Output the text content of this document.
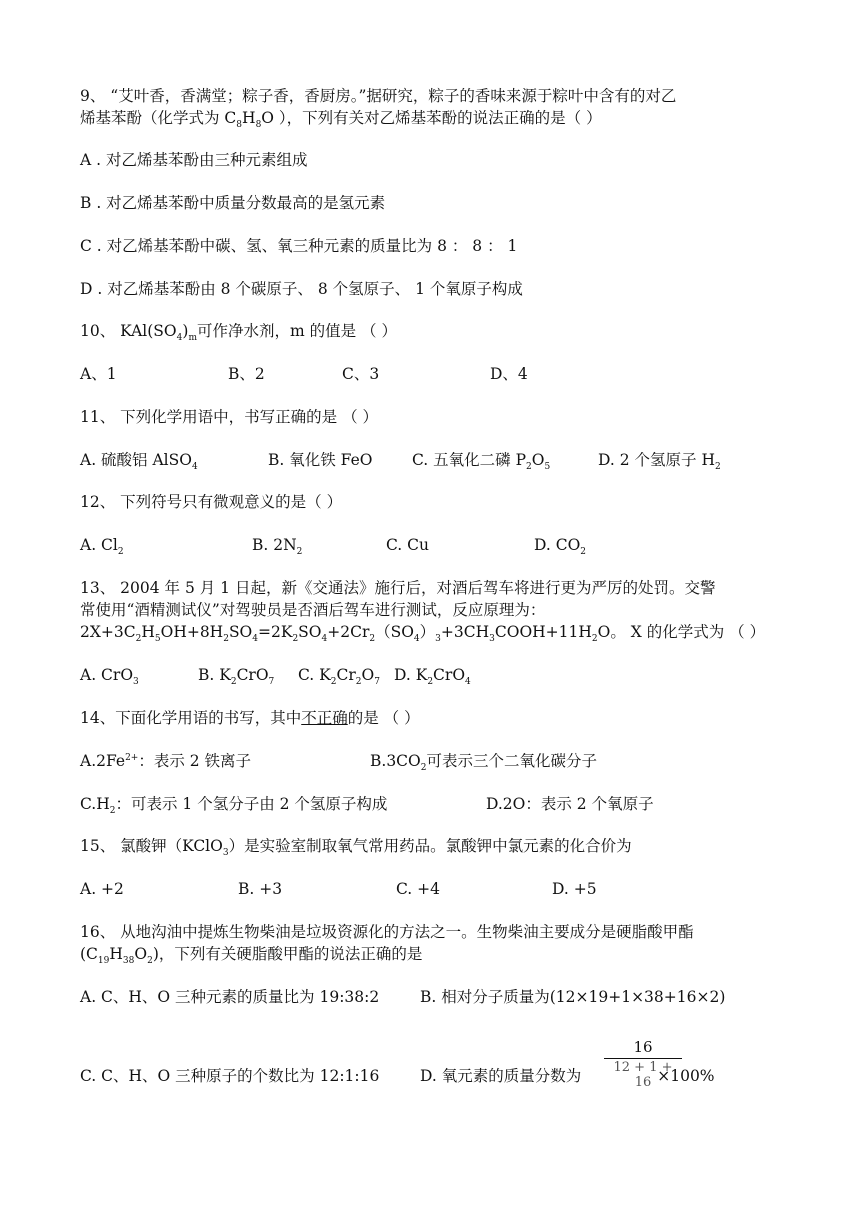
9、 “艾叶香，香满堂；粽子香，香厨房。”据研究，粽子的香味来源于粽叶中含有的对乙
烯基苯酚（化学式为 $C_8H_8O$ ），下列有关对乙烯基苯酚的说法正确的是（ ）
A . 对乙烯基苯酚由三种元素组成
B . 对乙烯基苯酚中质量分数最高的是氢元素
C . 对乙烯基苯酚中碳、氢、氧三种元素的质量比为 8 ： 8 ： 1
D . 对乙烯基苯酚由 8 个碳原子、 8 个氢原子、 1 个氧原子构成
10、 $KAl(SO_4)_m$可作净水剂，m 的值是 （ ）
A、1	B、2	C、3	D、4
11、 下列化学用语中，书写正确的是 （ ）
A. 硫酸铝 AlSO$_4$	B. 氧化铁 FeO	C. 五氧化二磷 $P_2O_5$	D. 2 个氢原子 $H_2$
12、 下列符号只有微观意义的是（ ）
A. $Cl_2$	B. $2N_2$	C. Cu	D. $CO_2$
13、 2004 年 5 月 1 日起，新《交通法》施行后，对酒后驾车将进行更为严厉的处罚。交警
常使用“酒精测试仪”对驾驶员是否酒后驾车进行测试，反应原理为：
$2X+3C_2H_5OH+8H_2SO_4=2K_2SO_4+2Cr_2(SO_4)_3+3CH_3COOH+11H_2O$。 X 的化学式为 （ ）
A. CrO$_3$	B. $K_2CrO_7$ C. $K_2Cr_2O_7$ D. $K_2CrO_4$
14、下面化学用语的书写，其中不正确的是 （ ）
$A.2Fe^{2+}$：表示 2 铁离子	$B.3CO_2$可表示三个二氧化碳分子
$C.H_2$：可表示 1 个氢分子由 2 个氢原子构成	D.2O：表示 2 个氧原子
15、 氯酸钾（KClO$_3$）是实验室制取氧气常用药品。氯酸钾中氯元素的化合价为
A. +2	B. +3	C. +4	D. +5
16、 从地沟油中提炼生物柴油是垃圾资源化的方法之一。生物柴油主要成分是硬脂酸甲酯
$(C_{19}H_{38}O_2)$，下列有关硬脂酸甲酯的说法正确的是
A. C、H、O 三种元素的质量比为 19:38:2	B. 相对分子质量为(12×19+1×38+16×2)
C. C、H、O 三种原子的个数比为 12:1:16	D. 氧元素的质量分数为	×100%
16
12 + 1 + 16
